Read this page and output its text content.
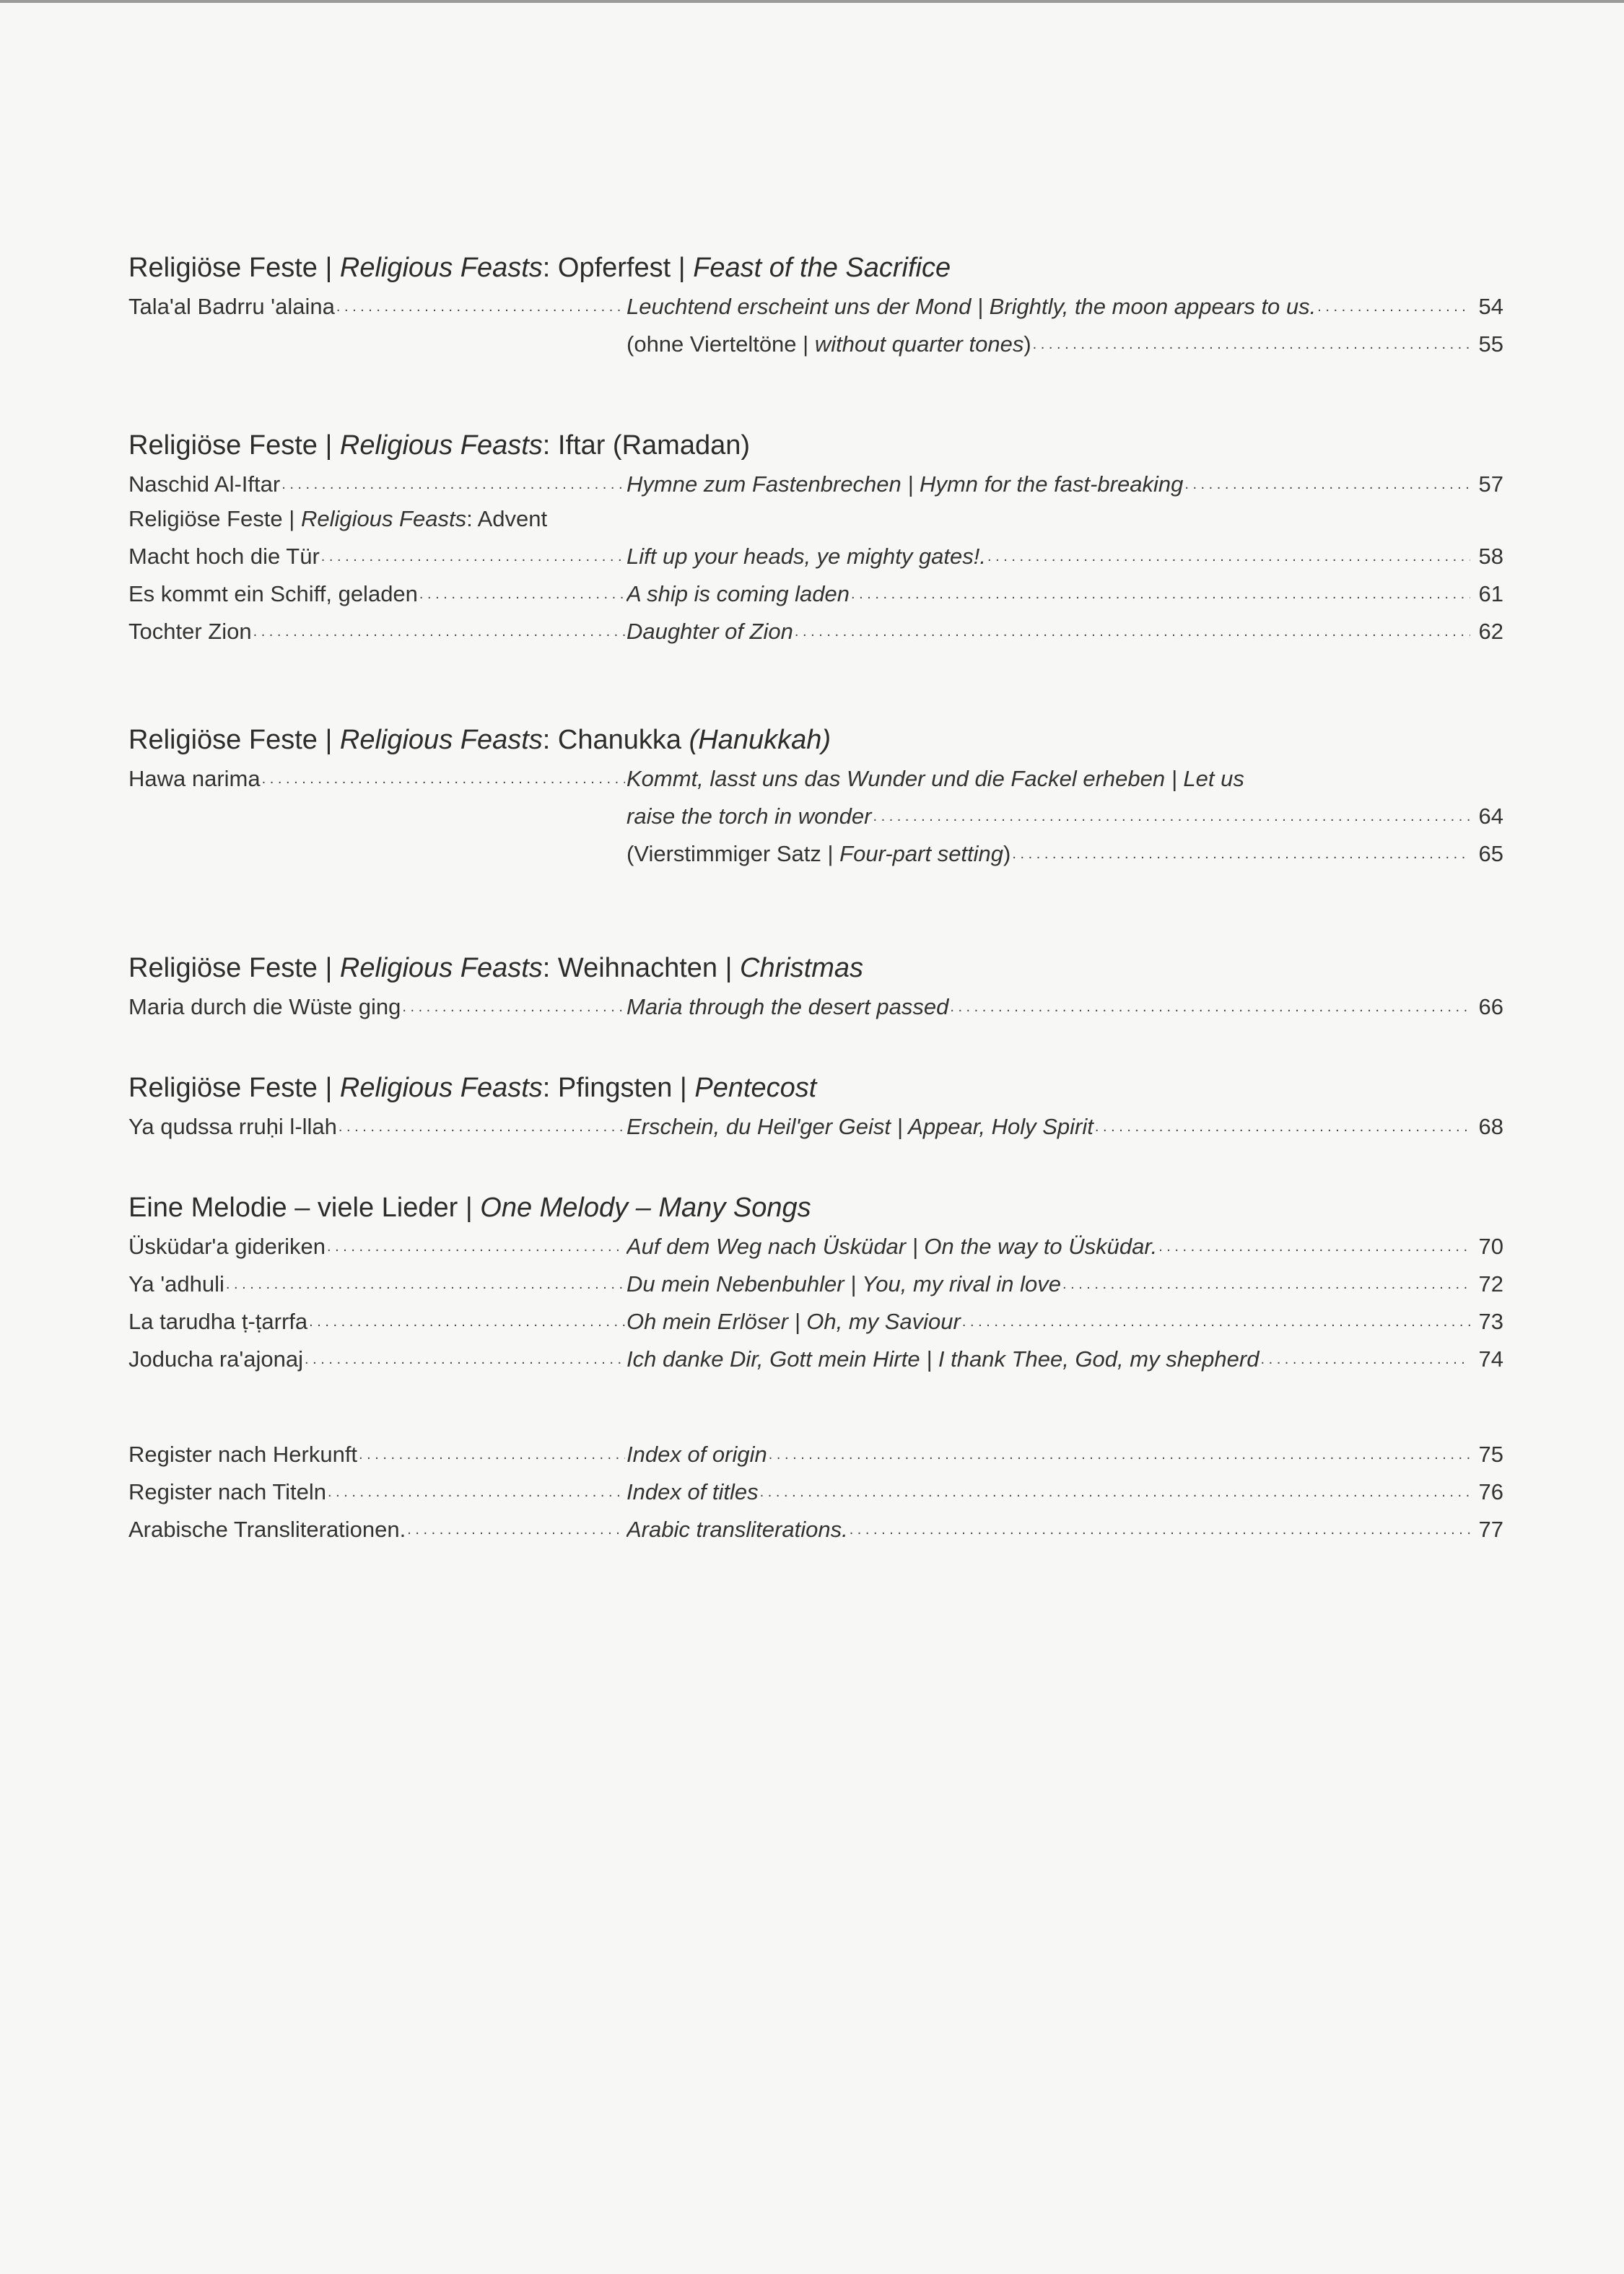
Religiöse Feste | Religious Feasts: Opferfest | Feast of the Sacrifice
Tala'al Badrru 'alaina . . .	Leuchtend erscheint uns der Mond | Brightly, the moon appears to us. . . .	54
(ohne Vierteltöne | without quarter tones) . . .	55
Religiöse Feste | Religious Feasts: Iftar (Ramadan)
Naschid Al-Iftar . . .	Hymne zum Fastenbrechen | Hymn for the fast-breaking . . .	57
Religiöse Feste | Religious Feasts: Advent
Macht hoch die Tür . . .	Lift up your heads, ye mighty gates!. . . .	58
Es kommt ein Schiff, geladen . . .	A ship is coming laden . . .	61
Tochter Zion . . .	Daughter of Zion . . .	62
Religiöse Feste | Religious Feasts: Chanukka (Hanukkah)
Hawa narima . . .	Kommt, lasst uns das Wunder und die Fackel erheben | Let us
raise the torch in wonder . . .	64
(Vierstimmiger Satz | Four-part setting) . . .	65
Religiöse Feste | Religious Feasts: Weihnachten | Christmas
Maria durch die Wüste ging . . .	Maria through the desert passed . . .	66
Religiöse Feste | Religious Feasts: Pfingsten | Pentecost
Ya qudssa rruḥi l-llah . . .	Erschein, du Heil'ger Geist | Appear, Holy Spirit . . .	68
Eine Melodie – viele Lieder | One Melody – Many Songs
Üsküdar'a gideriken . . .	Auf dem Weg nach Üsküdar | On the way to Üsküdar. . . .	70
Ya 'adhuli . . .	Du mein Nebenbuhler | You, my rival in love . . .	72
La tarudha ṭ-ṭarrfa . . .	Oh mein Erlöser | Oh, my Saviour . . .	73
Joducha ra'ajonaj . . .	Ich danke Dir, Gott mein Hirte | I thank Thee, God, my shepherd . . .	74
Register nach Herkunft . . .	Index of origin . . .	75
Register nach Titeln . . .	Index of titles . . .	76
Arabische Transliterationen. . . .	Arabic transliterations. . . .	77
